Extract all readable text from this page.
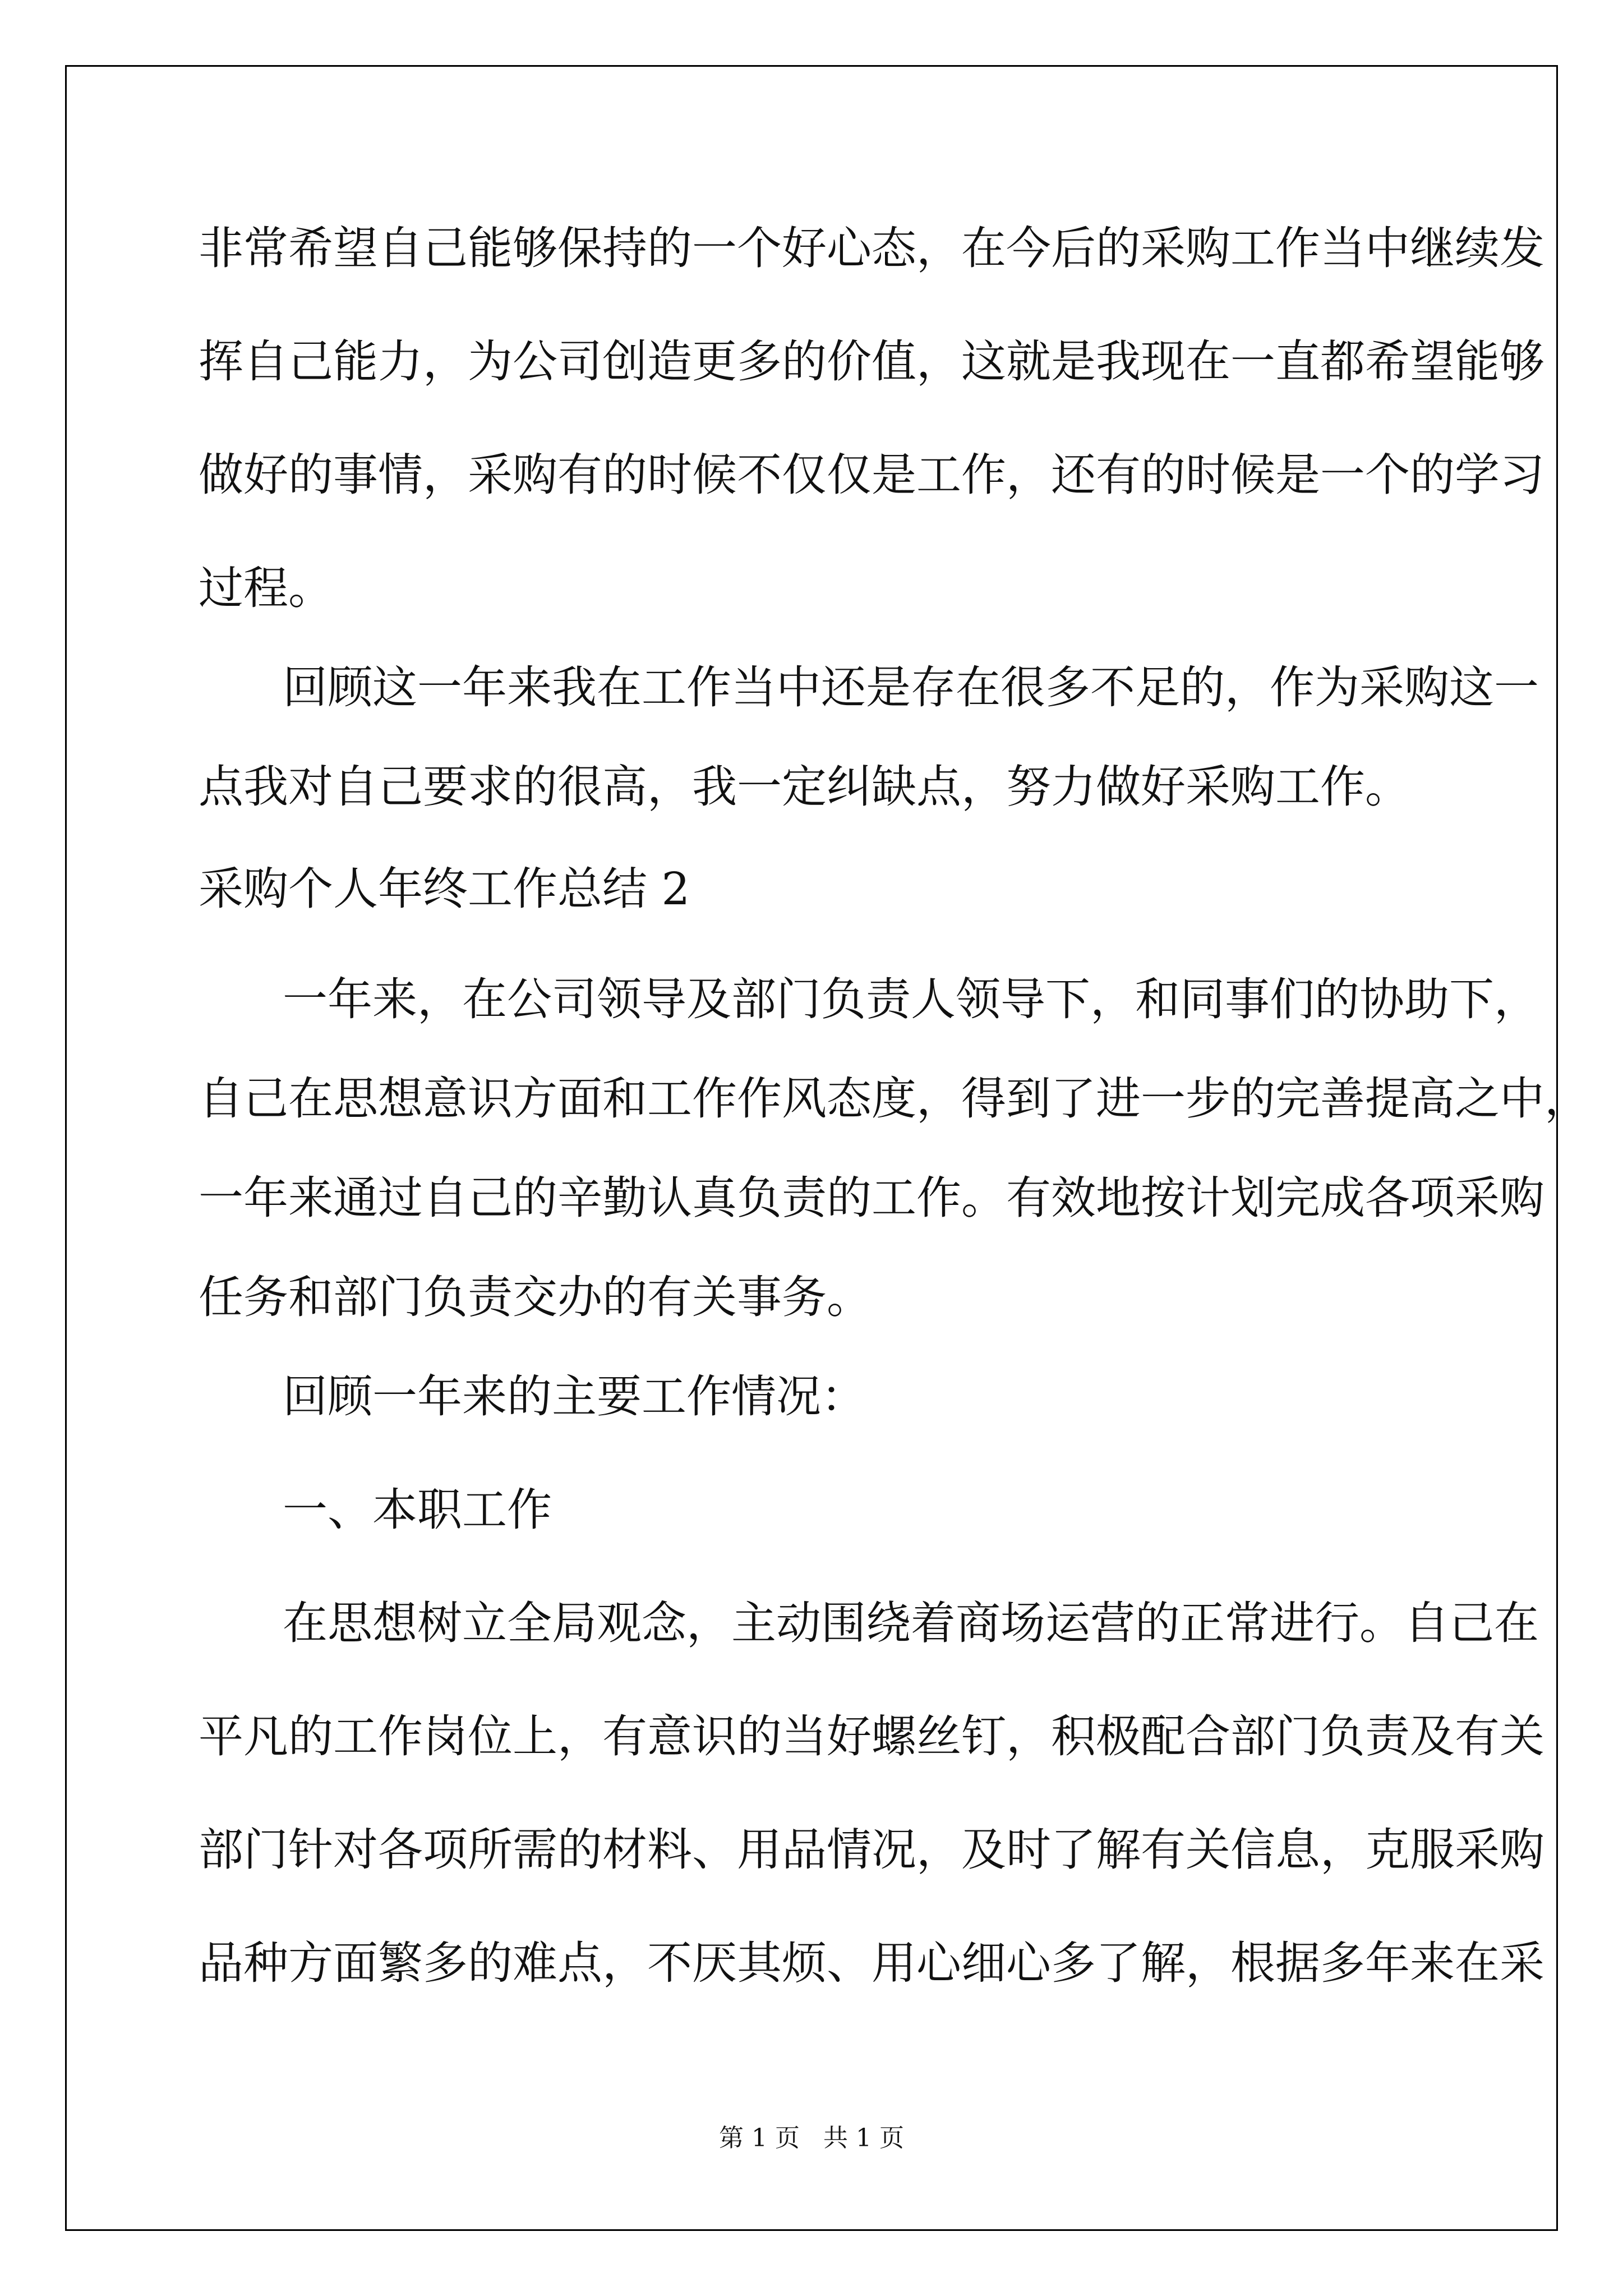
非常希望自己能够保持的一个好心态，在今后的采购工作当中继续发

挥自己能力，为公司创造更多的价值，这就是我现在一直都希望能够

做好的事情，采购有的时候不仅仅是工作，还有的时候是一个的学习

过程。

回顾这一年来我在工作当中还是存在很多不足的，作为采购这一

点我对自己要求的很高，我一定纠缺点，努力做好采购工作。

采购个人年终工作总结 2

一年来，在公司领导及部门负责人领导下，和同事们的协助下，

自己在思想意识方面和工作作风态度，得到了进一步的完善提高之中，

一年来通过自己的辛勤认真负责的工作。有效地按计划完成各项采购

任务和部门负责交办的有关事务。

回顾一年来的主要工作情况：

一、本职工作

在思想树立全局观念，主动围绕着商场运营的正常进行。自己在

平凡的工作岗位上，有意识的当好螺丝钉，积极配合部门负责及有关

部门针对各项所需的材料、用品情况，及时了解有关信息，克服采购

品种方面繁多的难点，不厌其烦、用心细心多了解，根据多年来在采

第 1 页   共 1 页
